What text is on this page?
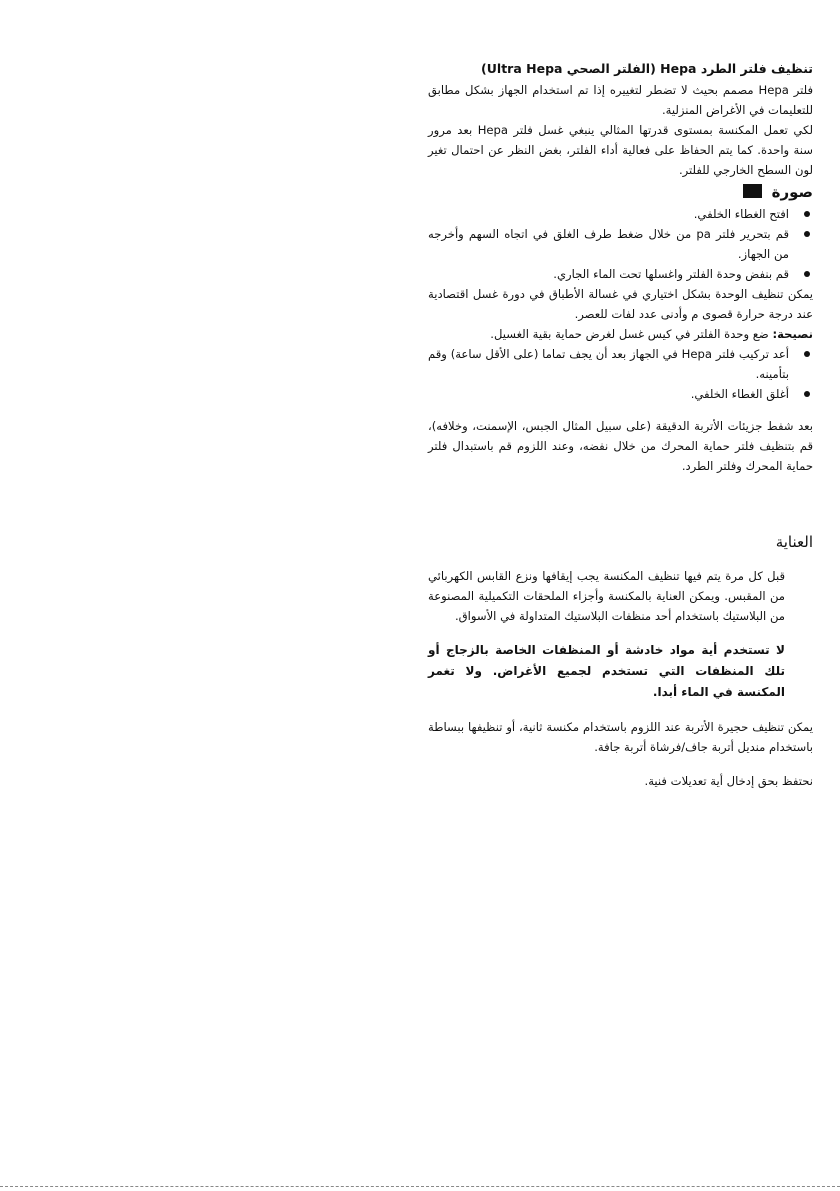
تنظيف فلتر الطرد Hepa (الفلتر الصحي Ultra Hepa)

فلتر Hepa مصمم بحيث لا تضطر لتغييره إذا تم استخدام الجهاز بشكل مطابق للتعليمات في الأغراض المنزلية.

لكي تعمل المكنسة بمستوى قدرتها المثالي ينبغي غسل فلتر Hepa بعد مرور سنة واحدة. كما يتم الحفاظ على فعالية أداء الفلتر، بغض النظر عن احتمال تغير لون السطح الخارجي للفلتر.

صورة
افتح الغطاء الخلفي.
قم بتحرير فلتر pa من خلال ضغط طرف الغلق في اتجاه السهم وأخرجه من الجهاز.
قم بنفض وحدة الفلتر واغسلها تحت الماء الجاري.

يمكن تنظيف الوحدة بشكل اختياري في غسالة الأطباق في دورة غسل اقتصادية عند درجة حرارة قصوى م وأدنى عدد لفات للعصر.

نصيحة: ضع وحدة الفلتر في كيس غسل لغرض حماية بقية الغسيل.

أعد تركيب فلتر Hepa في الجهاز بعد أن يجف تماما (على الأقل ساعة) وقم بتأمينه.
أغلق الغطاء الخلفي.

بعد شفط جزيئات الأتربة الدقيقة (على سبيل المثال الجبس، الإسمنت، وخلافه)، قم بتنظيف فلتر حماية المحرك من خلال نفضه، وعند اللزوم قم باستبدال فلتر حماية المحرك وفلتر الطرد.

العناية

قبل كل مرة يتم فيها تنظيف المكنسة يجب إيقافها ونزع القابس الكهربائي من المقبس. ويمكن العناية بالمكنسة وأجزاء الملحقات التكميلية المصنوعة من البلاستيك باستخدام أحد منظفات البلاستيك المتداولة في الأسواق.

لا تستخدم أية مواد خادشة أو المنظفات الخاصة بالزجاج أو تلك المنظفات التي تستخدم لجميع الأغراض. ولا تغمر المكنسة في الماء أبدا.

يمكن تنظيف حجيرة الأتربة عند اللزوم باستخدام مكنسة ثانية، أو تنظيفها ببساطة باستخدام منديل أتربة جاف/فرشاة أتربة جافة.

نحتفظ بحق إدخال أية تعديلات فنية.
